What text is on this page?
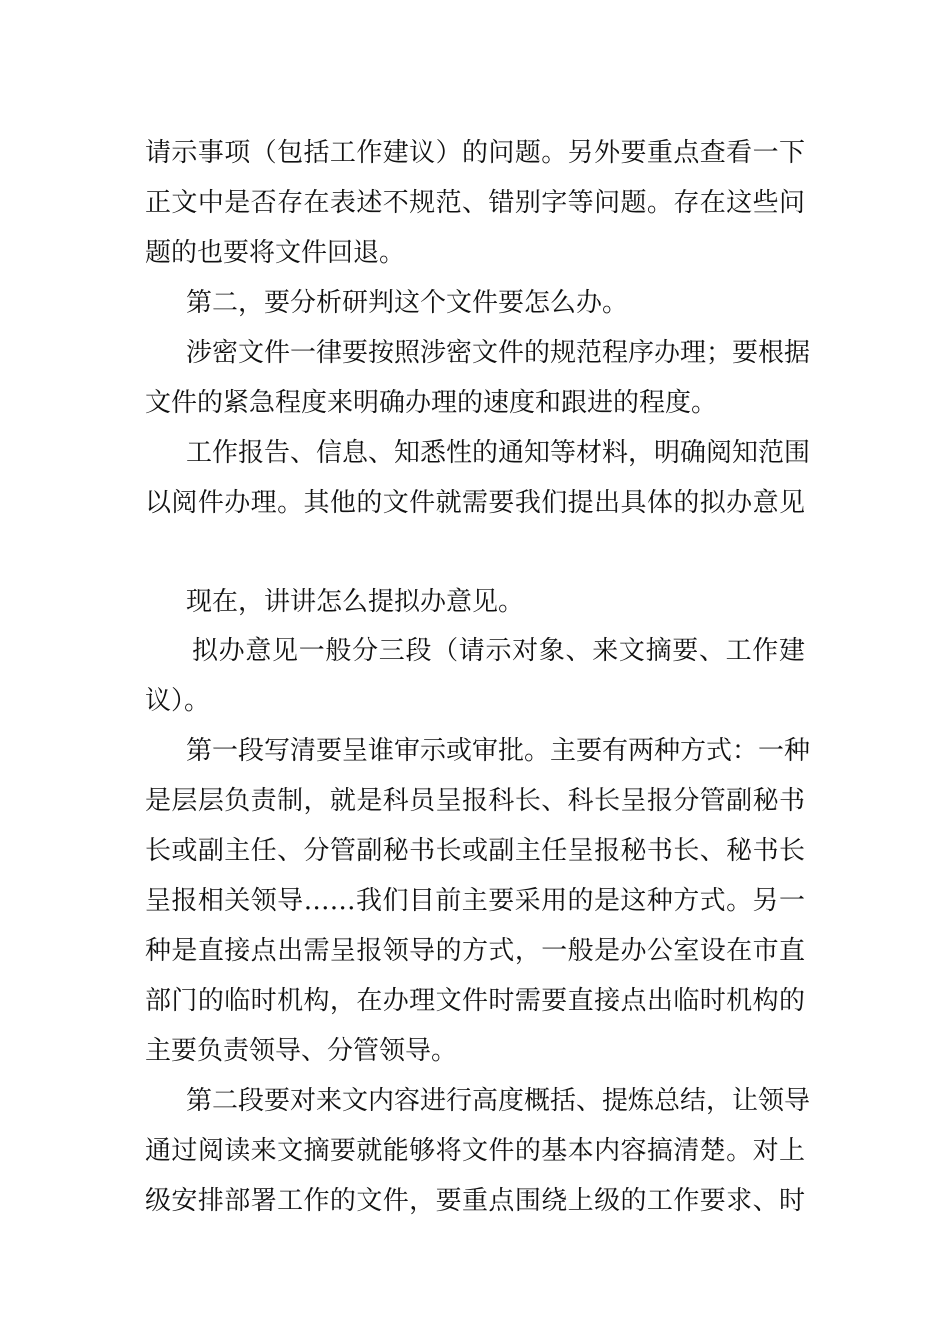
请示事项（包括工作建议）的问题。另外要重点查看一下
正文中是否存在表述不规范、错别字等问题。存在这些问
题的也要将文件回退。
第二，要分析研判这个文件要怎么办。
涉密文件一律要按照涉密文件的规范程序办理；要根据
文件的紧急程度来明确办理的速度和跟进的程度。
工作报告、信息、知悉性的通知等材料，明确阅知范围
以阅件办理。其他的文件就需要我们提出具体的拟办意见
现在，讲讲怎么提拟办意见。
拟办意见一般分三段（请示对象、来文摘要、工作建
议）。
第一段写清要呈谁审示或审批。主要有两种方式：一种
是层层负责制，就是科员呈报科长、科长呈报分管副秘书
长或副主任、分管副秘书长或副主任呈报秘书长、秘书长
呈报相关领导……我们目前主要采用的是这种方式。另一
种是直接点出需呈报领导的方式，一般是办公室设在市直
部门的临时机构，在办理文件时需要直接点出临时机构的
主要负责领导、分管领导。
第二段要对来文内容进行高度概括、提炼总结，让领导
通过阅读来文摘要就能够将文件的基本内容搞清楚。对上
级安排部署工作的文件，要重点围绕上级的工作要求、时
